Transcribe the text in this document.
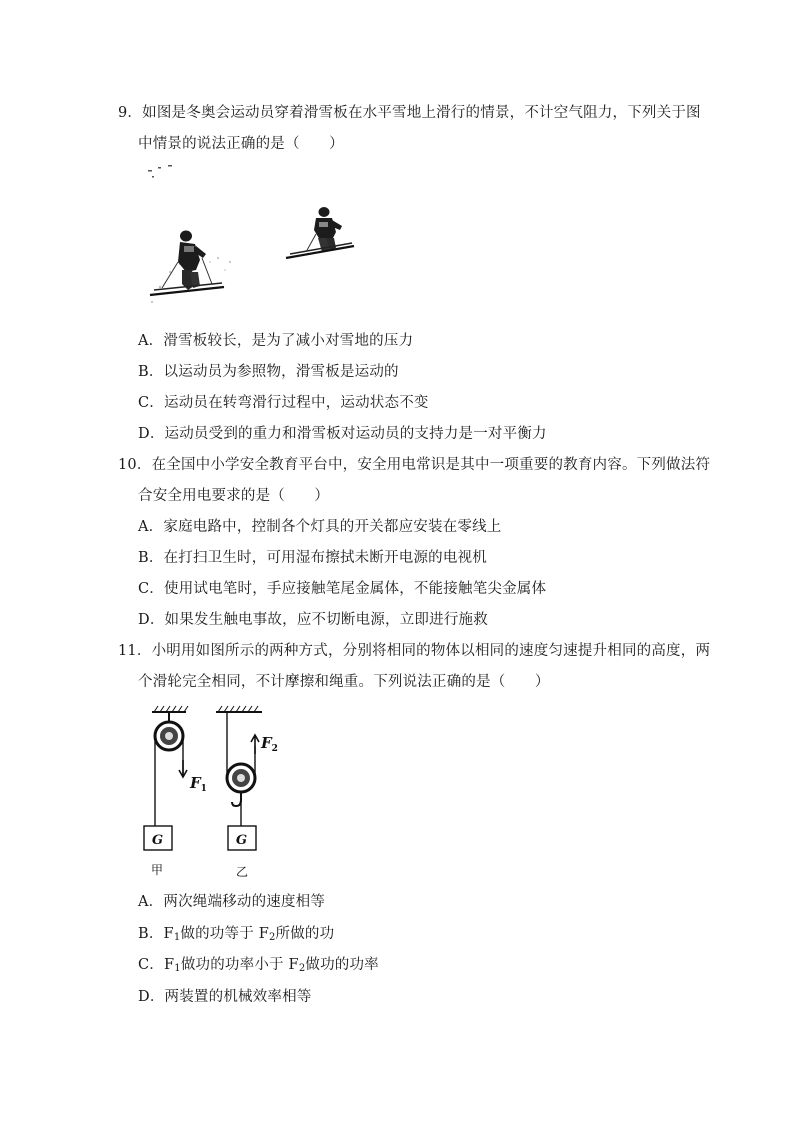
9．如图是冬奥会运动员穿着滑雪板在水平雪地上滑行的情景，不计空气阻力，下列关于图
中情景的说法正确的是（　　）
A．滑雪板较长，是为了减小对雪地的压力
B．以运动员为参照物，滑雪板是运动的
C．运动员在转弯滑行过程中，运动状态不变
D．运动员受到的重力和滑雪板对运动员的支持力是一对平衡力
10．在全国中小学安全教育平台中，安全用电常识是其中一项重要的教育内容。下列做法符
合安全用电要求的是（　　）
A．家庭电路中，控制各个灯具的开关都应安装在零线上
B．在打扫卫生时，可用湿布擦拭未断开电源的电视机
C．使用试电笔时，手应接触笔尾金属体，不能接触笔尖金属体
D．如果发生触电事故，应不切断电源，立即进行施救
11．小明用如图所示的两种方式，分别将相同的物体以相同的速度匀速提升相同的高度，两
个滑轮完全相同，不计摩擦和绳重。下列说法正确的是（　　）
$F_1$
$F_2$
G	G
甲	乙
A．两次绳端移动的速度相等
B．$F_1$做的功等于 $F_2$所做的功
C．$F_1$做功的功率小于 $F_2$做功的功率
D．两装置的机械效率相等
